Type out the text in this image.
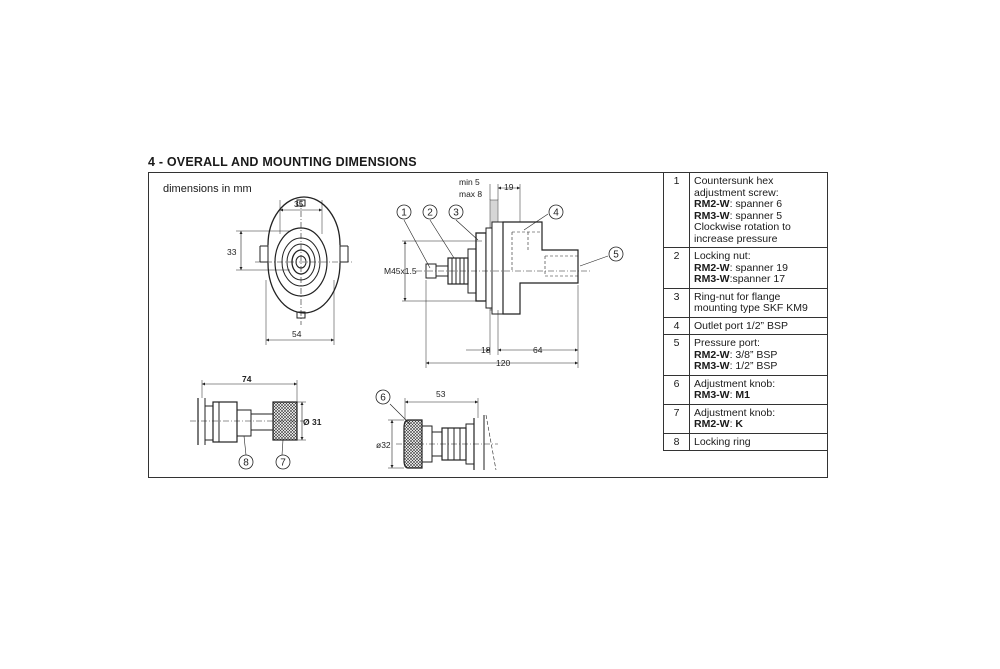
4 - OVERALL AND MOUNTING DIMENSIONS
dimensions in mm
35
33
54
M45x1.5
min 5
max 8
19
18	64
120
74
Ø 31
53
ø32
1 2 3	4
5
6
7
8
1	Countersunk hex adjustment screw:
RM2-W: spanner 6
RM3-W: spanner 5
Clockwise rotation to increase pressure

2	Locking nut:
RM2-W: spanner 19
RM3-W:spanner 17

3	Ring-nut for flange mounting type SKF KM9

4	Outlet port 1/2” BSP

5	Pressure port:
RM2-W: 3/8” BSP
RM3-W: 1/2” BSP

6	Adjustment knob:
RM3-W: M1

7	Adjustment knob:
RM2-W: K

8	Locking ring
